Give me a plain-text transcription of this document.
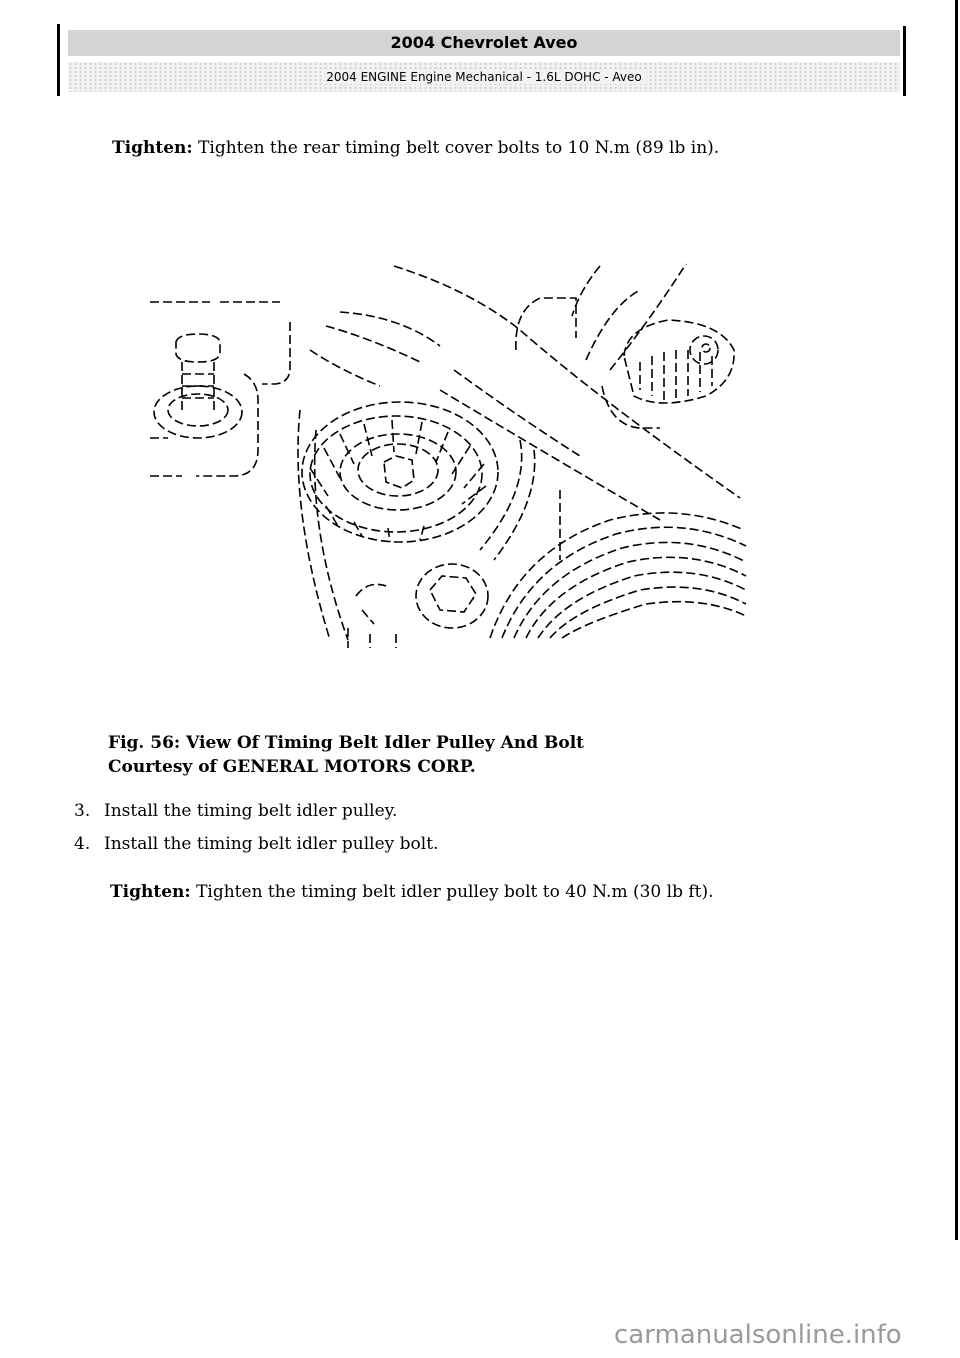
2004 Chevrolet Aveo
2004 ENGINE Engine Mechanical - 1.6L DOHC - Aveo
Tighten: Tighten the rear timing belt cover bolts to 10 N.m (89 lb in).
Fig. 56: View Of Timing Belt Idler Pulley And Bolt
Courtesy of GENERAL MOTORS CORP.
3. Install the timing belt idler pulley.
4. Install the timing belt idler pulley bolt.
Tighten: Tighten the timing belt idler pulley bolt to 40 N.m (30 lb ft).
carmanualsonline.info
